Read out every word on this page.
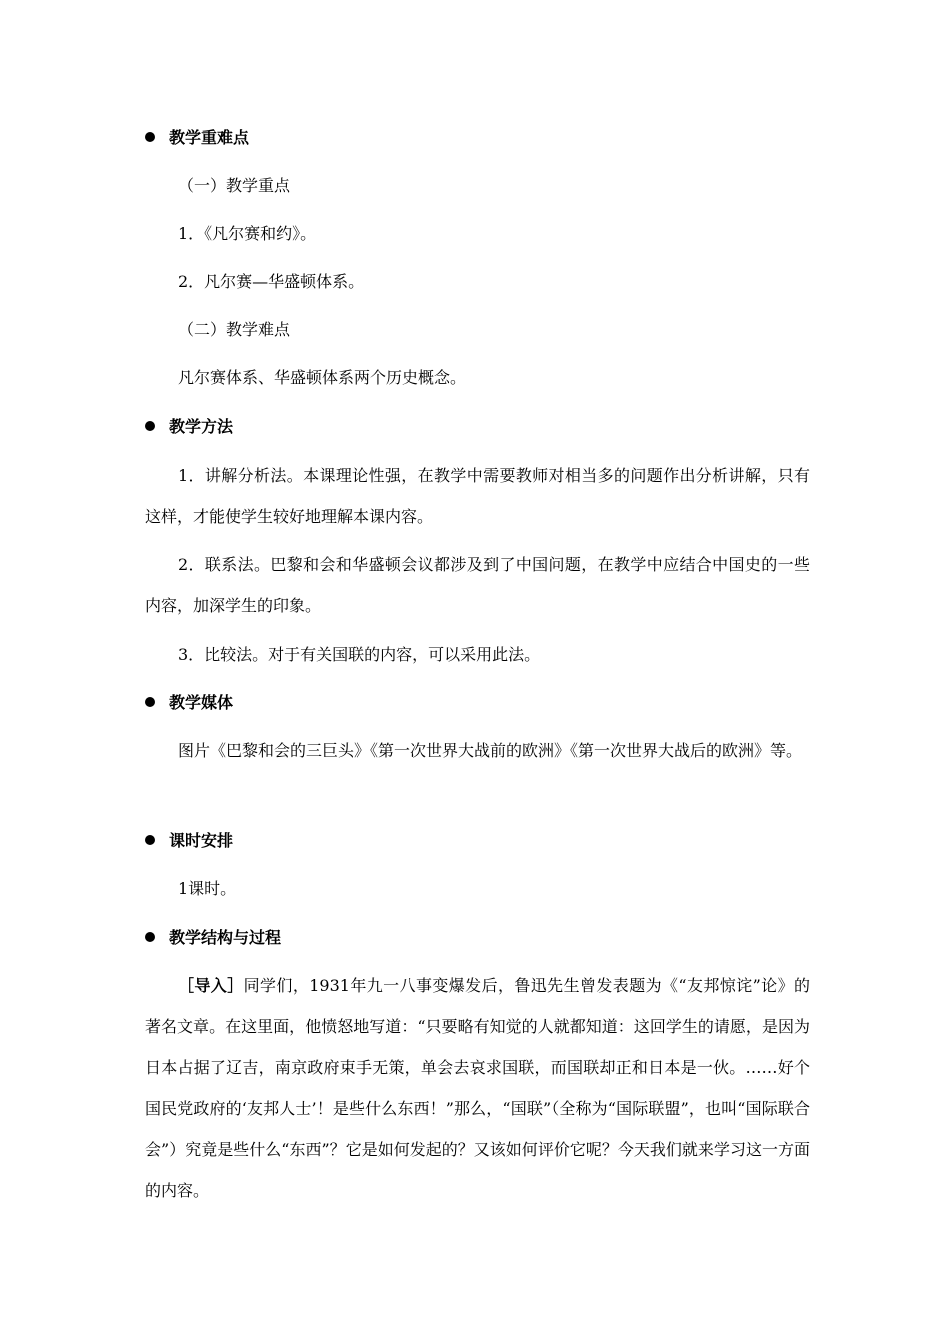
教学重难点
（一）教学重点
1．《凡尔赛和约》。
2．凡尔赛—华盛顿体系。
（二）教学难点
凡尔赛体系、华盛顿体系两个历史概念。
教学方法
1．讲解分析法。本课理论性强，在教学中需要教师对相当多的问题作出分析讲解，只有这样，才能使学生较好地理解本课内容。
2．联系法。巴黎和会和华盛顿会议都涉及到了中国问题，在教学中应结合中国史的一些内容，加深学生的印象。
3．比较法。对于有关国联的内容，可以采用此法。
教学媒体
图片《巴黎和会的三巨头》《第一次世界大战前的欧洲》《第一次世界大战后的欧洲》等。
课时安排
1课时。
教学结构与过程
［导入］同学们，1931年九一八事变爆发后，鲁迅先生曾发表题为《“友邦惊诧”论》的著名文章。在这里面，他愤怒地写道：“只要略有知觉的人就都知道：这回学生的请愿，是因为日本占据了辽吉，南京政府束手无策，单会去哀求国联，而国联却正和日本是一伙。……好个国民党政府的‘友邦人士’！是些什么东西！”那么，“国联”（全称为“国际联盟”，也叫“国际联合会”）究竟是些什么“东西”？它是如何发起的？又该如何评价它呢？今天我们就来学习这一方面的内容。
